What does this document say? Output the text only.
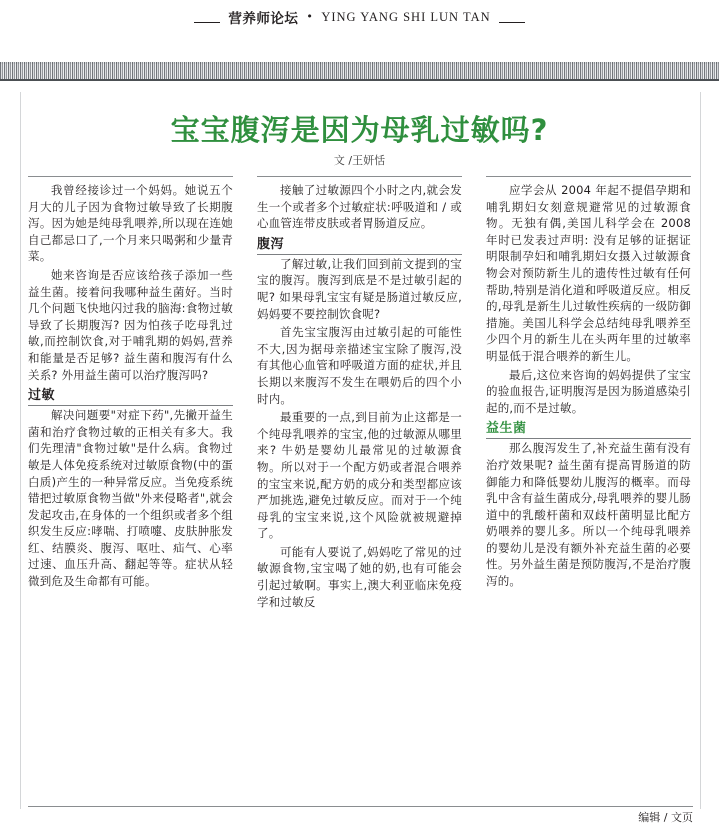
营养师论坛 • YING YANG SHI LUN TAN
宝宝腹泻是因为母乳过敏吗?
文 /王妍恬

我曾经接诊过一个妈妈。她说五个月大的儿子因为食物过敏导致了长期腹泻。因为她是纯母乳喂养,所以现在连她自己都忌口了,一个月来只喝粥和少量青菜。

她来咨询是否应该给孩子添加一些益生菌。接着问我哪种益生菌好。当时几个问题飞快地闪过我的脑海:食物过敏导致了长期腹泻? 因为怕孩子吃母乳过敏,而控制饮食,对于哺乳期的妈妈,营养和能量是否足够? 益生菌和腹泻有什么关系? 外用益生菌可以治疗腹泻吗?

过敏

解决问题要"对症下药",先撇开益生菌和治疗食物过敏的正相关有多大。我们先理清"食物过敏"是什么病。食物过敏是人体免疫系统对过敏原食物(中的蛋白质)产生的一种异常反应。当免疫系统错把过敏原食物当做"外来侵略者",就会发起攻击,在身体的一个组织或者多个组织发生反应:哮喘、打喷嚏、皮肤肿胀发红、结膜炎、腹泻、呕吐、疝气、心率过速、血压升高、翻起等等。症状从轻微到危及生命都有可能。

接触了过敏源四个小时之内,就会发生一个或者多个过敏症状:呼吸道和 / 或心血管连带皮肤或者胃肠道反应。

腹泻

了解过敏,让我们回到前文提到的宝宝的腹泻。腹泻到底是不是过敏引起的呢? 如果母乳宝宝有疑是肠道过敏反应,妈妈要不要控制饮食呢?

首先宝宝腹泻由过敏引起的可能性不大,因为据母亲描述宝宝除了腹泻,没有其他心血管和呼吸道方面的症状,并且长期以来腹泻不发生在喂奶后的四个小时内。

最重要的一点,到目前为止这都是一个纯母乳喂养的宝宝,他的过敏源从哪里来? 牛奶是婴幼儿最常见的过敏源食物。所以对于一个配方奶或者混合喂养的宝宝来说,配方奶的成分和类型都应该严加挑选,避免过敏反应。而对于一个纯母乳的宝宝来说,这个风险就被规避掉了。

可能有人要说了,妈妈吃了常见的过敏源食物,宝宝喝了她的奶,也有可能会引起过敏啊。事实上,澳大利亚临床免疫学和过敏反

应学会从 2004 年起不提倡孕期和哺乳期妇女刻意规避常见的过敏源食物。无独有偶,美国儿科学会在 2008 年时已发表过声明: 没有足够的证据证明限制孕妇和哺乳期妇女摄入过敏源食物会对预防新生儿的遗传性过敏有任何帮助,特别是消化道和呼吸道反应。相反的,母乳是新生儿过敏性疾病的一级防御措施。美国儿科学会总结纯母乳喂养至少四个月的新生儿在头两年里的过敏率明显低于混合喂养的新生儿。

最后,这位来咨询的妈妈提供了宝宝的验血报告,证明腹泻是因为肠道感染引起的,而不是过敏。

益生菌

那么腹泻发生了,补充益生菌有没有治疗效果呢? 益生菌有提高胃肠道的防御能力和降低婴幼儿腹泻的概率。而母乳中含有益生菌成分,母乳喂养的婴儿肠道中的乳酸杆菌和双歧杆菌明显比配方奶喂养的婴儿多。所以一个纯母乳喂养的婴幼儿是没有额外补充益生菌的必要性。另外益生菌是预防腹泻,不是治疗腹泻的。

编辑 / 文页
